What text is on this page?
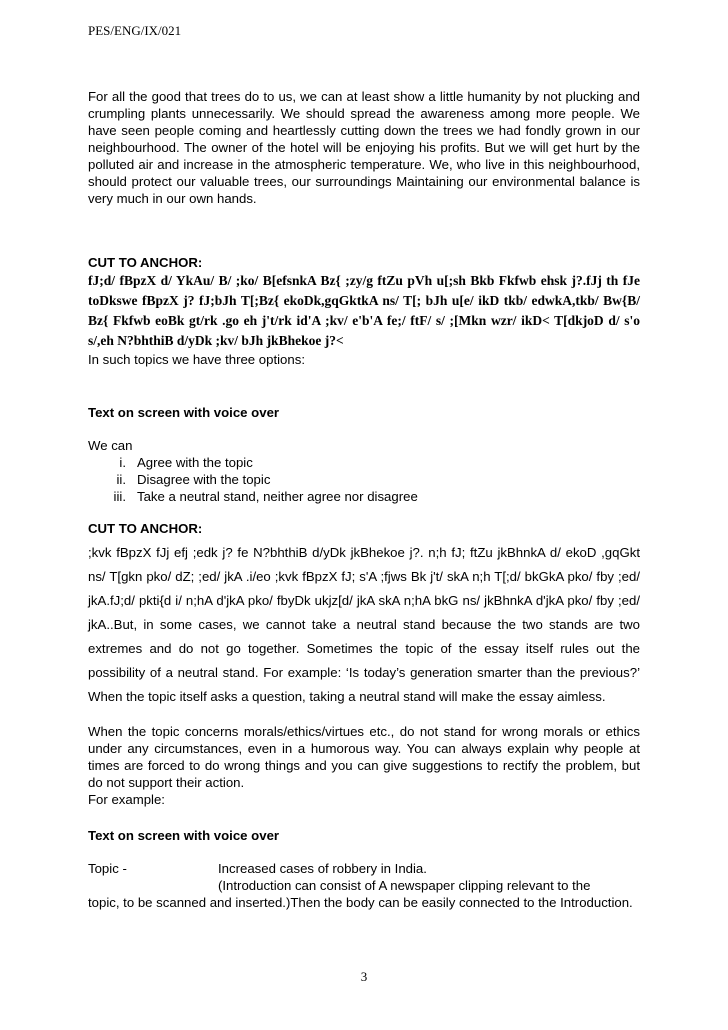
PES/ENG/IX/021

For all the good that trees do to us, we can at least show a little humanity by not plucking and crumpling plants unnecessarily. We should spread the awareness among more people. We have seen people coming and heartlessly cutting down the trees we had fondly grown in our neighbourhood. The owner of the hotel will be enjoying his profits. But we will get hurt by the polluted air and increase in the atmospheric temperature. We, who live in this neighbourhood, should protect our valuable trees, our surroundings Maintaining our environmental balance is very much in our own hands.

CUT TO ANCHOR:

fJ;d/ fBpzX d/ YkAu/ B/ ;ko/ B[efsnkA Bz{ ;zy/g ftZu pVh u[;sh Bkb Fkfwb ehsk j?.fJj th fJe toDkswe fBpzX j? fJ;bJh T[;Bz{ ekoDk,gqGktkA ns/ T[; bJh u[e/ ikD tkb/ edwkA,tkb/ Bw{B/ Bz{ Fkfwb eoBk gt/rk .go eh j't/rk id'A ;kv/ e'b'A fe;/ ftF/ s/ ;[Mkn wzr/ ikD< T[dkjoD d/ s'o s/,eh N?bhthiB d/yDk ;kv/ bJh jkBhekoe j?<

In such topics we have three options:
Text on screen with voice over
We can
i. Agree with the topic
ii. Disagree with the topic
iii. Take a neutral stand, neither agree nor disagree
CUT TO ANCHOR:

;kvk fBpzX fJj efj ;edk j? fe N?bhthiB d/yDk jkBhekoe j?. n;h fJ; ftZu jkBhnkA d/ ekoD ,gqGkt ns/ T[gkn pko/ dZ; ;ed/ jkA .i/eo ;kvk fBpzX fJ; s'A ;fjws Bk j't/ skA n;h T[;d/ bkGkA pko/ fby ;ed/ jkA.fJ;d/ pkti{d i/ n;hA d'jkA pko/ fbyDk ukjz[d/ jkA skA n;hA bkG ns/ jkBhnkA d'jkA pko/ fby ;ed/ jkA..But, in some cases, we cannot take a neutral stand because the two stands are two extremes and do not go together. Sometimes the topic of the essay itself rules out the possibility of a neutral stand. For example: ‘Is today’s generation smarter than the previous?’ When the topic itself asks a question, taking a neutral stand will make the essay aimless.

When the topic concerns morals/ethics/virtues etc., do not stand for wrong morals or ethics under any circumstances, even in a humorous way. You can always explain why people at times are forced to do wrong things and you can give suggestions to rectify the problem, but do not support their action.

For example:
Text on screen with voice over
Topic -	Increased cases of robbery in India.
(Introduction can consist of A newspaper clipping relevant to the

topic, to be scanned and inserted.)Then the body can be easily connected to the Introduction.

3
